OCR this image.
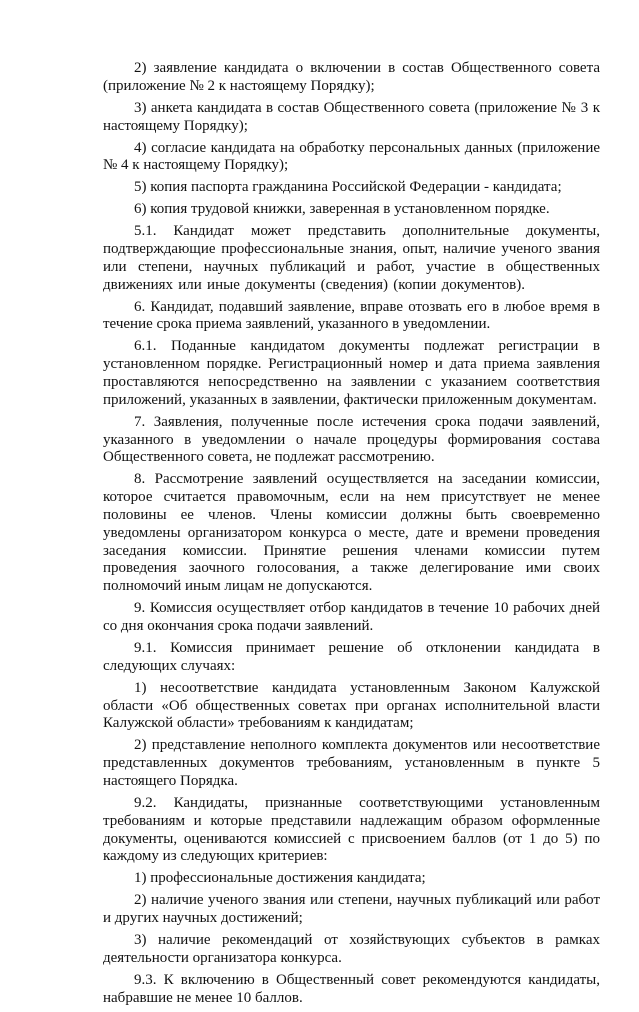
2) заявление кандидата о включении в состав Общественного совета (приложение № 2 к настоящему Порядку);

3) анкета кандидата в состав Общественного совета (приложение № 3 к настоящему Порядку);

4) согласие кандидата на обработку персональных данных (приложение № 4 к настоящему Порядку);

5) копия паспорта гражданина Российской Федерации - кандидата;

6) копия трудовой книжки, заверенная в установленном порядке.

5.1. Кандидат может представить дополнительные документы, подтверждающие профессиональные знания, опыт, наличие ученого звания или степени, научных публикаций и работ, участие в общественных движениях или иные документы (сведения) (копии документов).

6. Кандидат, подавший заявление, вправе отозвать его в любое время в течение срока приема заявлений, указанного в уведомлении.

6.1. Поданные кандидатом документы подлежат регистрации в установленном порядке. Регистрационный номер и дата приема заявления проставляются непосредственно на заявлении с указанием соответствия приложений, указанных в заявлении, фактически приложенным документам.

7. Заявления, полученные после истечения срока подачи заявлений, указанного в уведомлении о начале процедуры формирования состава Общественного совета, не подлежат рассмотрению.

8. Рассмотрение заявлений осуществляется на заседании комиссии, которое считается правомочным, если на нем присутствует не менее половины ее членов. Члены комиссии должны быть своевременно уведомлены организатором конкурса о месте, дате и времени проведения заседания комиссии. Принятие решения членами комиссии путем проведения заочного голосования, а также делегирование ими своих полномочий иным лицам не допускаются.

9. Комиссия осуществляет отбор кандидатов в течение 10 рабочих дней со дня окончания срока подачи заявлений.

9.1. Комиссия принимает решение об отклонении кандидата в следующих случаях:

1) несоответствие кандидата установленным Законом Калужской области «Об общественных советах при органах исполнительной власти Калужской области» требованиям к кандидатам;

2) представление неполного комплекта документов или несоответствие представленных документов требованиям, установленным в пункте 5 настоящего Порядка.

9.2. Кандидаты, признанные соответствующими установленным требованиям и которые представили надлежащим образом оформленные документы, оцениваются комиссией с присвоением баллов (от 1 до 5) по каждому из следующих критериев:

1) профессиональные достижения кандидата;

2) наличие ученого звания или степени, научных публикаций или работ и других научных достижений;

3) наличие рекомендаций от хозяйствующих субъектов в рамках деятельности организатора конкурса.

9.3. К включению в Общественный совет рекомендуются кандидаты, набравшие не менее 10 баллов.
